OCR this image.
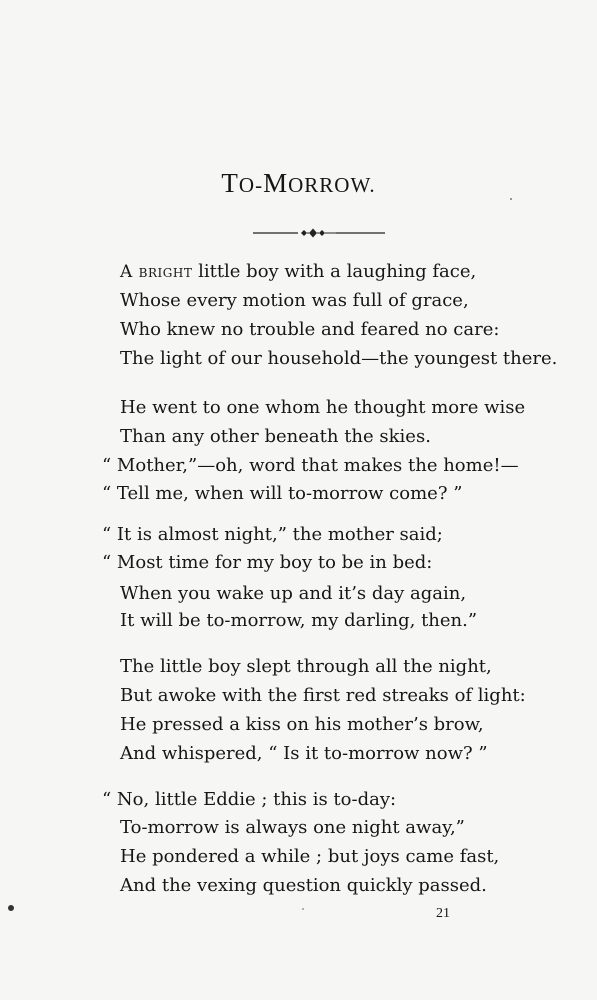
TO-MORROW.
A bright little boy with a laughing face,
Whose every motion was full of grace,
Who knew no trouble and feared no care:
The light of our household—the youngest there.
He went to one whom he thought more wise
Than any other beneath the skies.
“ Mother,”—oh, word that makes the home!—
“ Tell me, when will to-morrow come? ”
“ It is almost night,” the mother said;
“ Most time for my boy to be in bed:
When you wake up and it’s day again,
It will be to-morrow, my darling, then.”
The little boy slept through all the night,
But awoke with the first red streaks of light:
He pressed a kiss on his mother’s brow,
And whispered, “ Is it to-morrow now? ”
“ No, little Eddie ; this is to-day:
To-morrow is always one night away,”
He pondered a while ; but joys came fast,
And the vexing question quickly passed.
21
